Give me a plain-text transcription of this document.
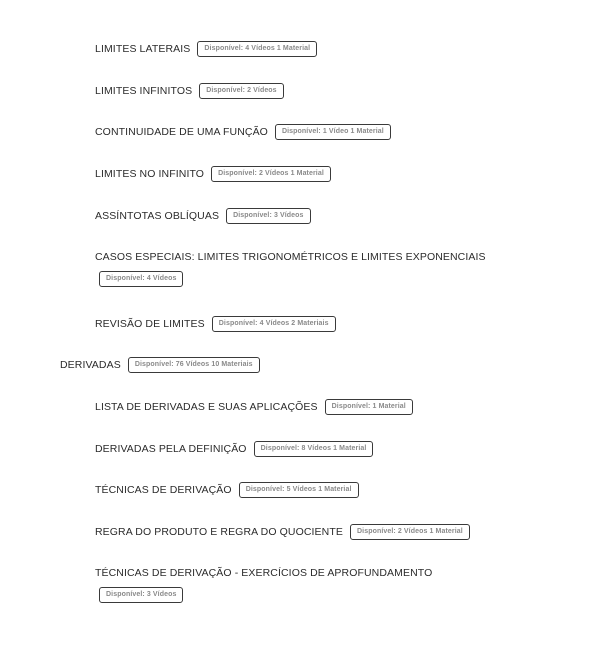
LIMITES LATERAIS Disponível: 4 Vídeos 1 Material
LIMITES INFINITOS Disponível: 2 Vídeos
CONTINUIDADE DE UMA FUNÇÃO Disponível: 1 Vídeo 1 Material
LIMITES NO INFINITO Disponível: 2 Vídeos 1 Material
ASSÍNTOTAS OBLÍQUAS Disponível: 3 Vídeos
CASOS ESPECIAIS: LIMITES TRIGONOMÉTRICOS E LIMITES EXPONENCIAIS
Disponível: 4 Vídeos
REVISÃO DE LIMITES Disponível: 4 Vídeos 2 Materiais
DERIVADAS Disponível: 76 Vídeos 10 Materiais
LISTA DE DERIVADAS E SUAS APLICAÇÕES Disponível: 1 Material
DERIVADAS PELA DEFINIÇÃO Disponível: 8 Vídeos 1 Material
TÉCNICAS DE DERIVAÇÃO Disponível: 5 Vídeos 1 Material
REGRA DO PRODUTO E REGRA DO QUOCIENTE Disponível: 2 Vídeos 1 Material
TÉCNICAS DE DERIVAÇÃO - EXERCÍCIOS DE APROFUNDAMENTO
Disponível: 3 Vídeos
